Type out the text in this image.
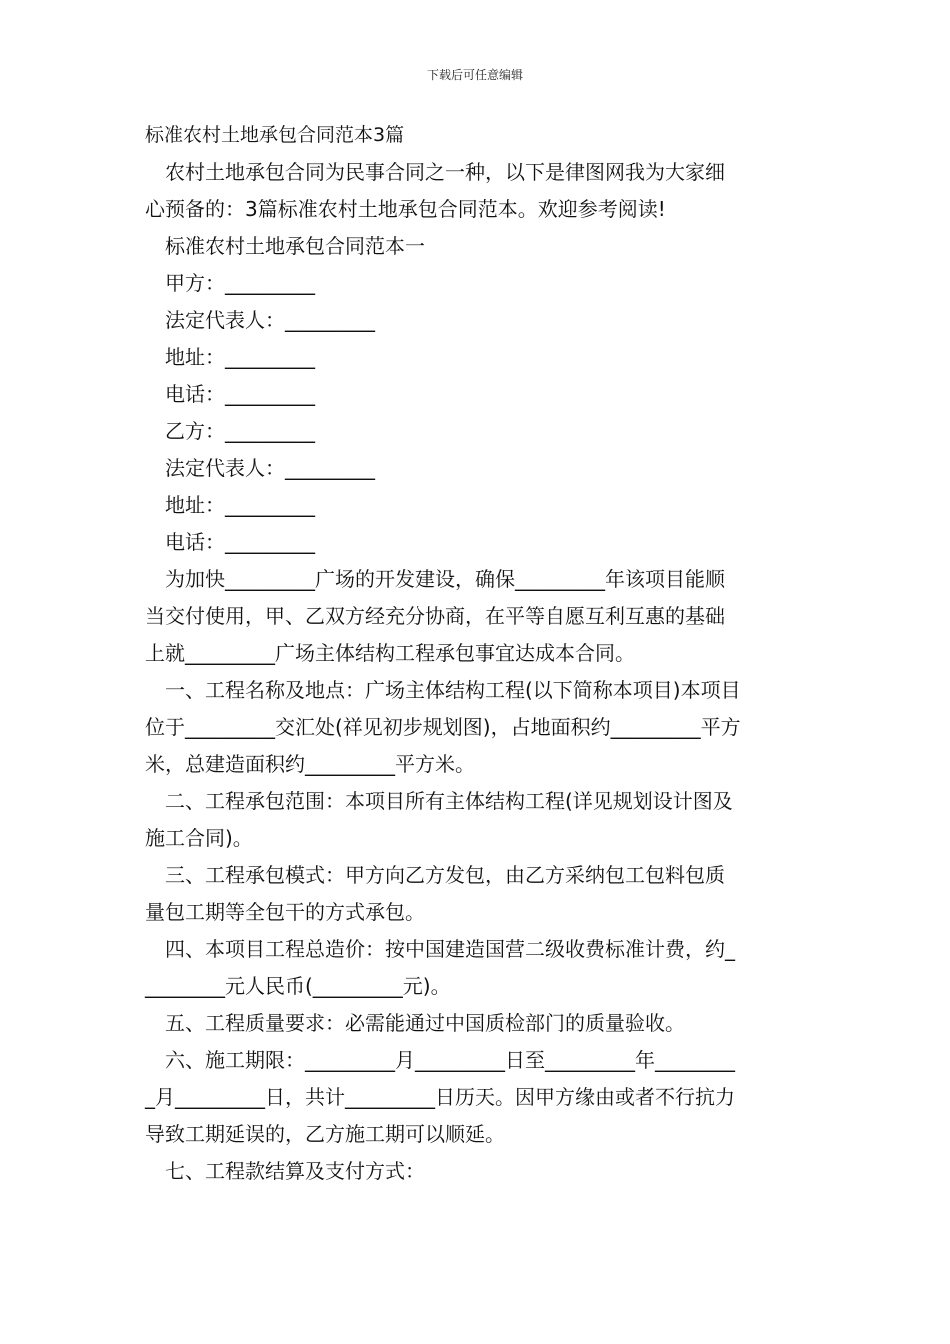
下载后可任意编辑

标准农村土地承包合同范本3篇

农村土地承包合同为民事合同之一种，以下是律图网我为大家细

心预备的：3篇标准农村土地承包合同范本。欢迎参考阅读!

标准农村土地承包合同范本一

甲方：_________

法定代表人：_________

地址：_________

电话：_________

乙方：_________

法定代表人：_________

地址：_________

电话：_________

为加快_________广场的开发建设，确保_________年该项目能顺

当交付使用，甲、乙双方经充分协商，在平等自愿互利互惠的基础

上就_________广场主体结构工程承包事宜达成本合同。

一、工程名称及地点：广场主体结构工程(以下简称本项目)本项目

位于_________交汇处(祥见初步规划图)，占地面积约_________平方

米，总建造面积约_________平方米。

二、工程承包范围：本项目所有主体结构工程(详见规划设计图及

施工合同)。

三、工程承包模式：甲方向乙方发包，由乙方采纳包工包料包质

量包工期等全包干的方式承包。

四、本项目工程总造价：按中国建造国营二级收费标准计费，约_

________元人民币(_________元)。

五、工程质量要求：必需能通过中国质检部门的质量验收。

六、施工期限：_________月_________日至_________年________

_月_________日，共计_________日历天。因甲方缘由或者不行抗力

导致工期延误的，乙方施工期可以顺延。

七、工程款结算及支付方式：
